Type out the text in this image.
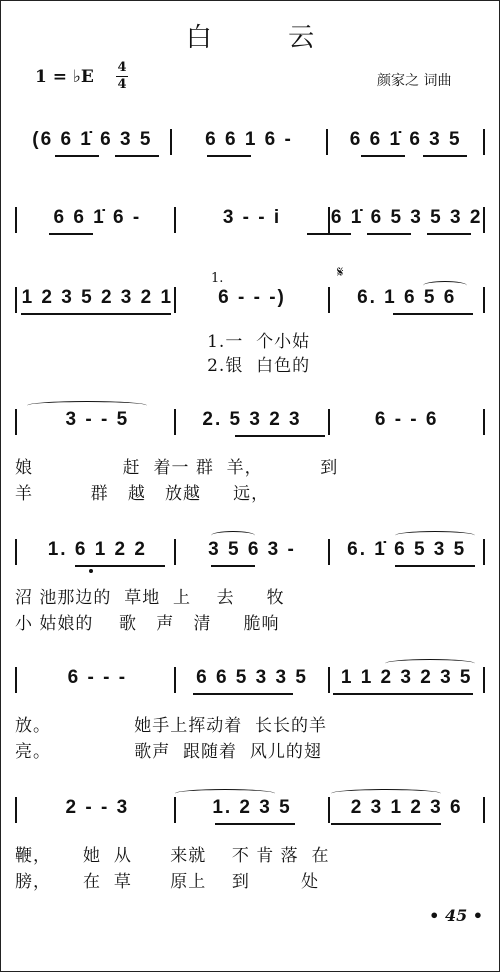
白 云
1 = ♭E 4
4	颜家之 词曲
(6 6 1̇ 6 3 5	6 6 1 6 -	6 6 1̇ 6 3 5
6 6 1̇ 6 -	3 - - i	6 1̇ 6 5 3 5 3 2
1 2 3 5 2 3 2 1	6 - - -)	6. 1 6 5 6
1.	𝄋
1.一  个小姑
2.银  白色的
3 - - 5	2. 5 3 2 3	6 - - 6
娘              赶  着一 群  羊，         到
羊         群   越   放越     远，
1. 6 1 2 2	3 5 6 3 -	6. 1̇ 6 5 3 5
沼 池那边的  草地  上    去     牧
小 姑娘的    歌   声   清     脆响
6 - - -	6 6 5 3 3 5	1 1 2 3 2 3 5
放。             她手上挥动着  长长的羊
亮。             歌声  跟随着  风儿的翅
2 - - 3	1. 2 3 5	2 3 1 2 3 6
鞭，     她  从      来就    不 肯 落  在
膀，     在  草      原上    到        处
• 45 •
